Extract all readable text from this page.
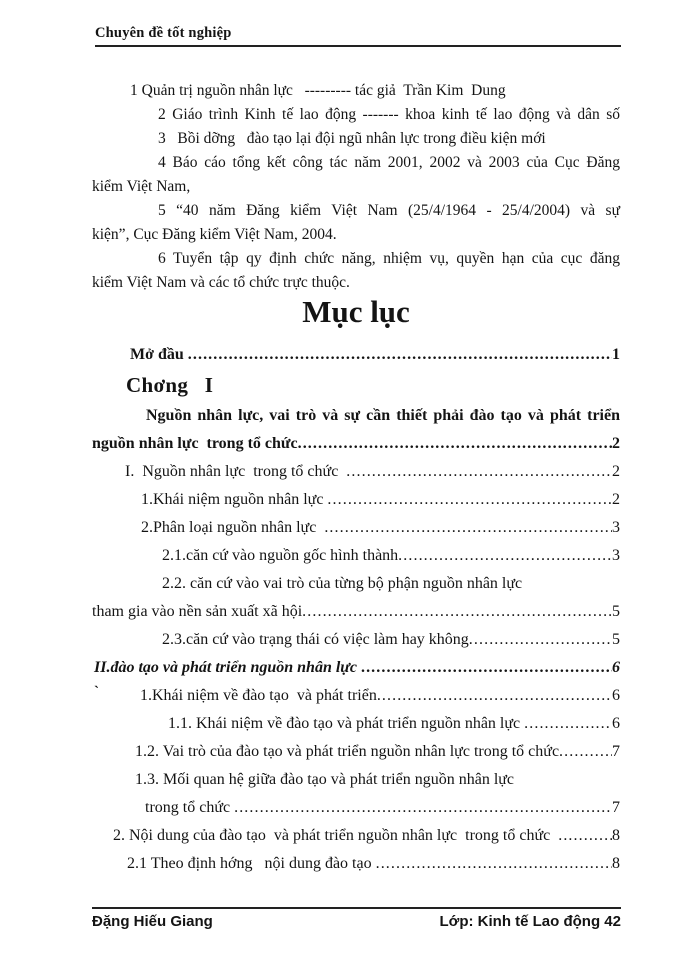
Chuyên đề tốt nghiệp

1 Quản trị nguồn nhân lực   --------- tác giả  Trần Kim  Dung

2 Giáo trình Kinh tế lao động ------- khoa kinh tế lao động và dân số

3   Bồi dỡng   đào tạo lại đội ngũ nhân lực trong điều kiện mới

4 Báo cáo tổng kết công tác năm 2001, 2002 và 2003 của Cục Đăng

kiểm Việt Nam,

5 “40 năm Đăng kiểm Việt Nam (25/4/1964 - 25/4/2004) và sự

kiện”, Cục Đăng kiểm Việt Nam, 2004.

6 Tuyển tập qy định chức năng, nhiệm vụ, quyền hạn của cục đăng

kiểm Việt Nam và các tổ chức trực thuộc.

Mục lục
Mở đầu .....	1
Chơng   I
Nguồn nhân lực, vai trò và sự cần thiết phải đào tạo và phát triển
nguồn nhân lực  trong tổ chức .....	2
I.  Nguồn nhân lực  trong tổ chức .....	2
1.Khái niệm nguồn nhân lực .....	2
2.Phân loại nguồn nhân lực .....	3
2.1.căn cứ vào nguồn gốc hình thành .....	3
2.2. căn cứ vào vai trò của từng bộ phận nguồn nhân lực
tham gia vào nền sản xuất xã hội .....	5
2.3.căn cứ vào trạng thái có việc làm hay không .....	5
II.đào tạo và phát triển nguồn nhân lực .....	6
`	1.Khái niệm về đào tạo  và phát triển .....	6
1.1. Khái niệm về đào tạo và phát triển nguồn nhân lực .....	6
1.2. Vai trò của đào tạo và phát triển nguồn nhân lực trong tổ chức .....	7
1.3. Mối quan hệ giữa đào tạo và phát triển nguồn nhân lực
trong tổ chức .....	7
2. Nội dung của đào tạo  và phát triển nguồn nhân lực  trong tổ chức .....	8
2.1 Theo định hớng   nội dung đào tạo .....	8
Đặng Hiếu Giang	Lớp: Kinh tế Lao động 42
